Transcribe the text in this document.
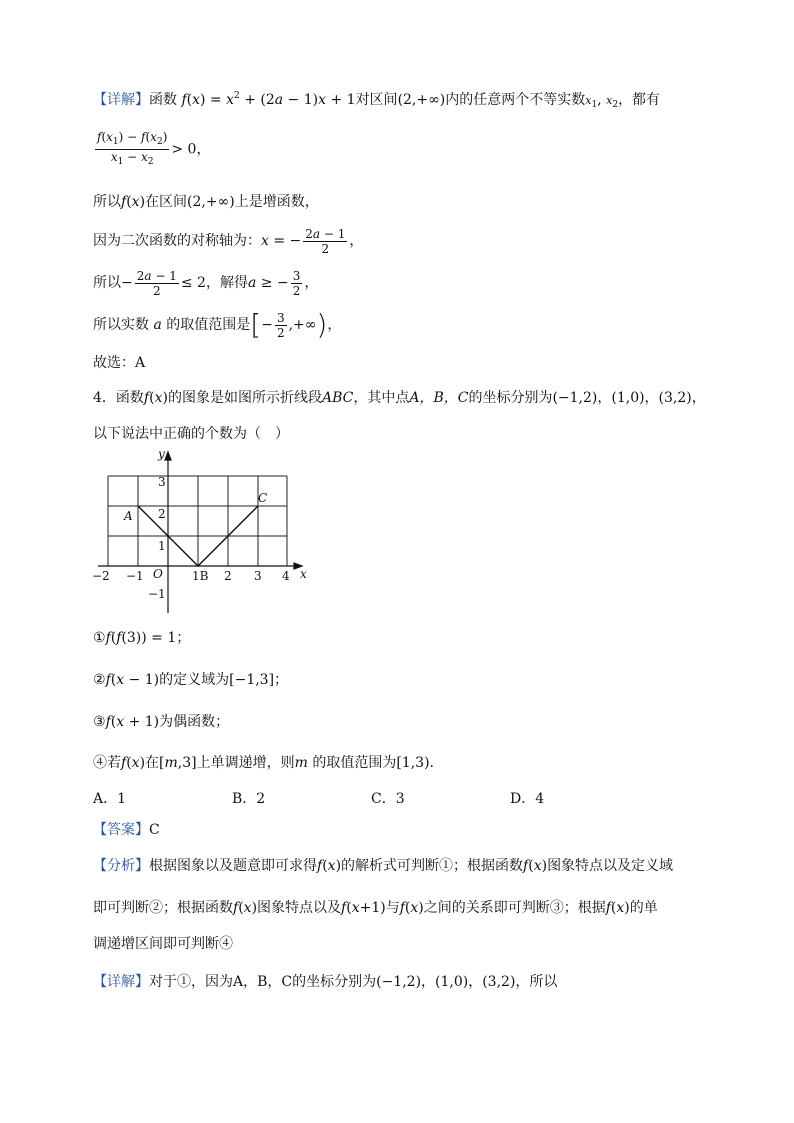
【详解】函数 $f(x) = x^2 + (2a - 1)x + 1$对区间(2,+∞)内的任意两个不等实数$x_1$, $x_2$，都有
$\frac{f(x_1) - f(x_2)}{x_1 - x_2} > 0$，
所以f(x)在区间(2,+∞)上是增函数，
因为二次函数的对称轴为：x = − $\frac{2a - 1}{2}$ ，
所以− $\frac{2a - 1}{2} \le 2$，解得a ≥ − $\frac{3}{2}$ ，
所以实数 a 的取值范围是[− $\frac{3}{2}$ ,+∞)，
故选：A
4．函数f(x)的图象是如图所示折线段ABC，其中点A，B，C的坐标分别为(−1,2)，(1,0)，(3,2)，
以下说法中正确的个数为（　）
y
x
O
−2 −1	1B 2 3 4
3
2
1
−1
A
C
①f(f(3)) = 1；
②f(x − 1)的定义域为[−1,3]；
③f(x + 1)为偶函数；
④若f(x)在[m,3]上单调递增，则m 的取值范围为[1,3).
A．1	B．2	C．3	D．4
【答案】C
【分析】根据图象以及题意即可求得f(x)的解析式可判断①；根据函数f(x)图象特点以及定义域
即可判断②；根据函数f(x)图象特点以及f(x+1)与f(x)之间的关系即可判断③；根据f(x)的单
调递增区间即可判断④
【详解】对于①，因为A，B，C的坐标分别为(−1,2)，(1,0)，(3,2)，所以
